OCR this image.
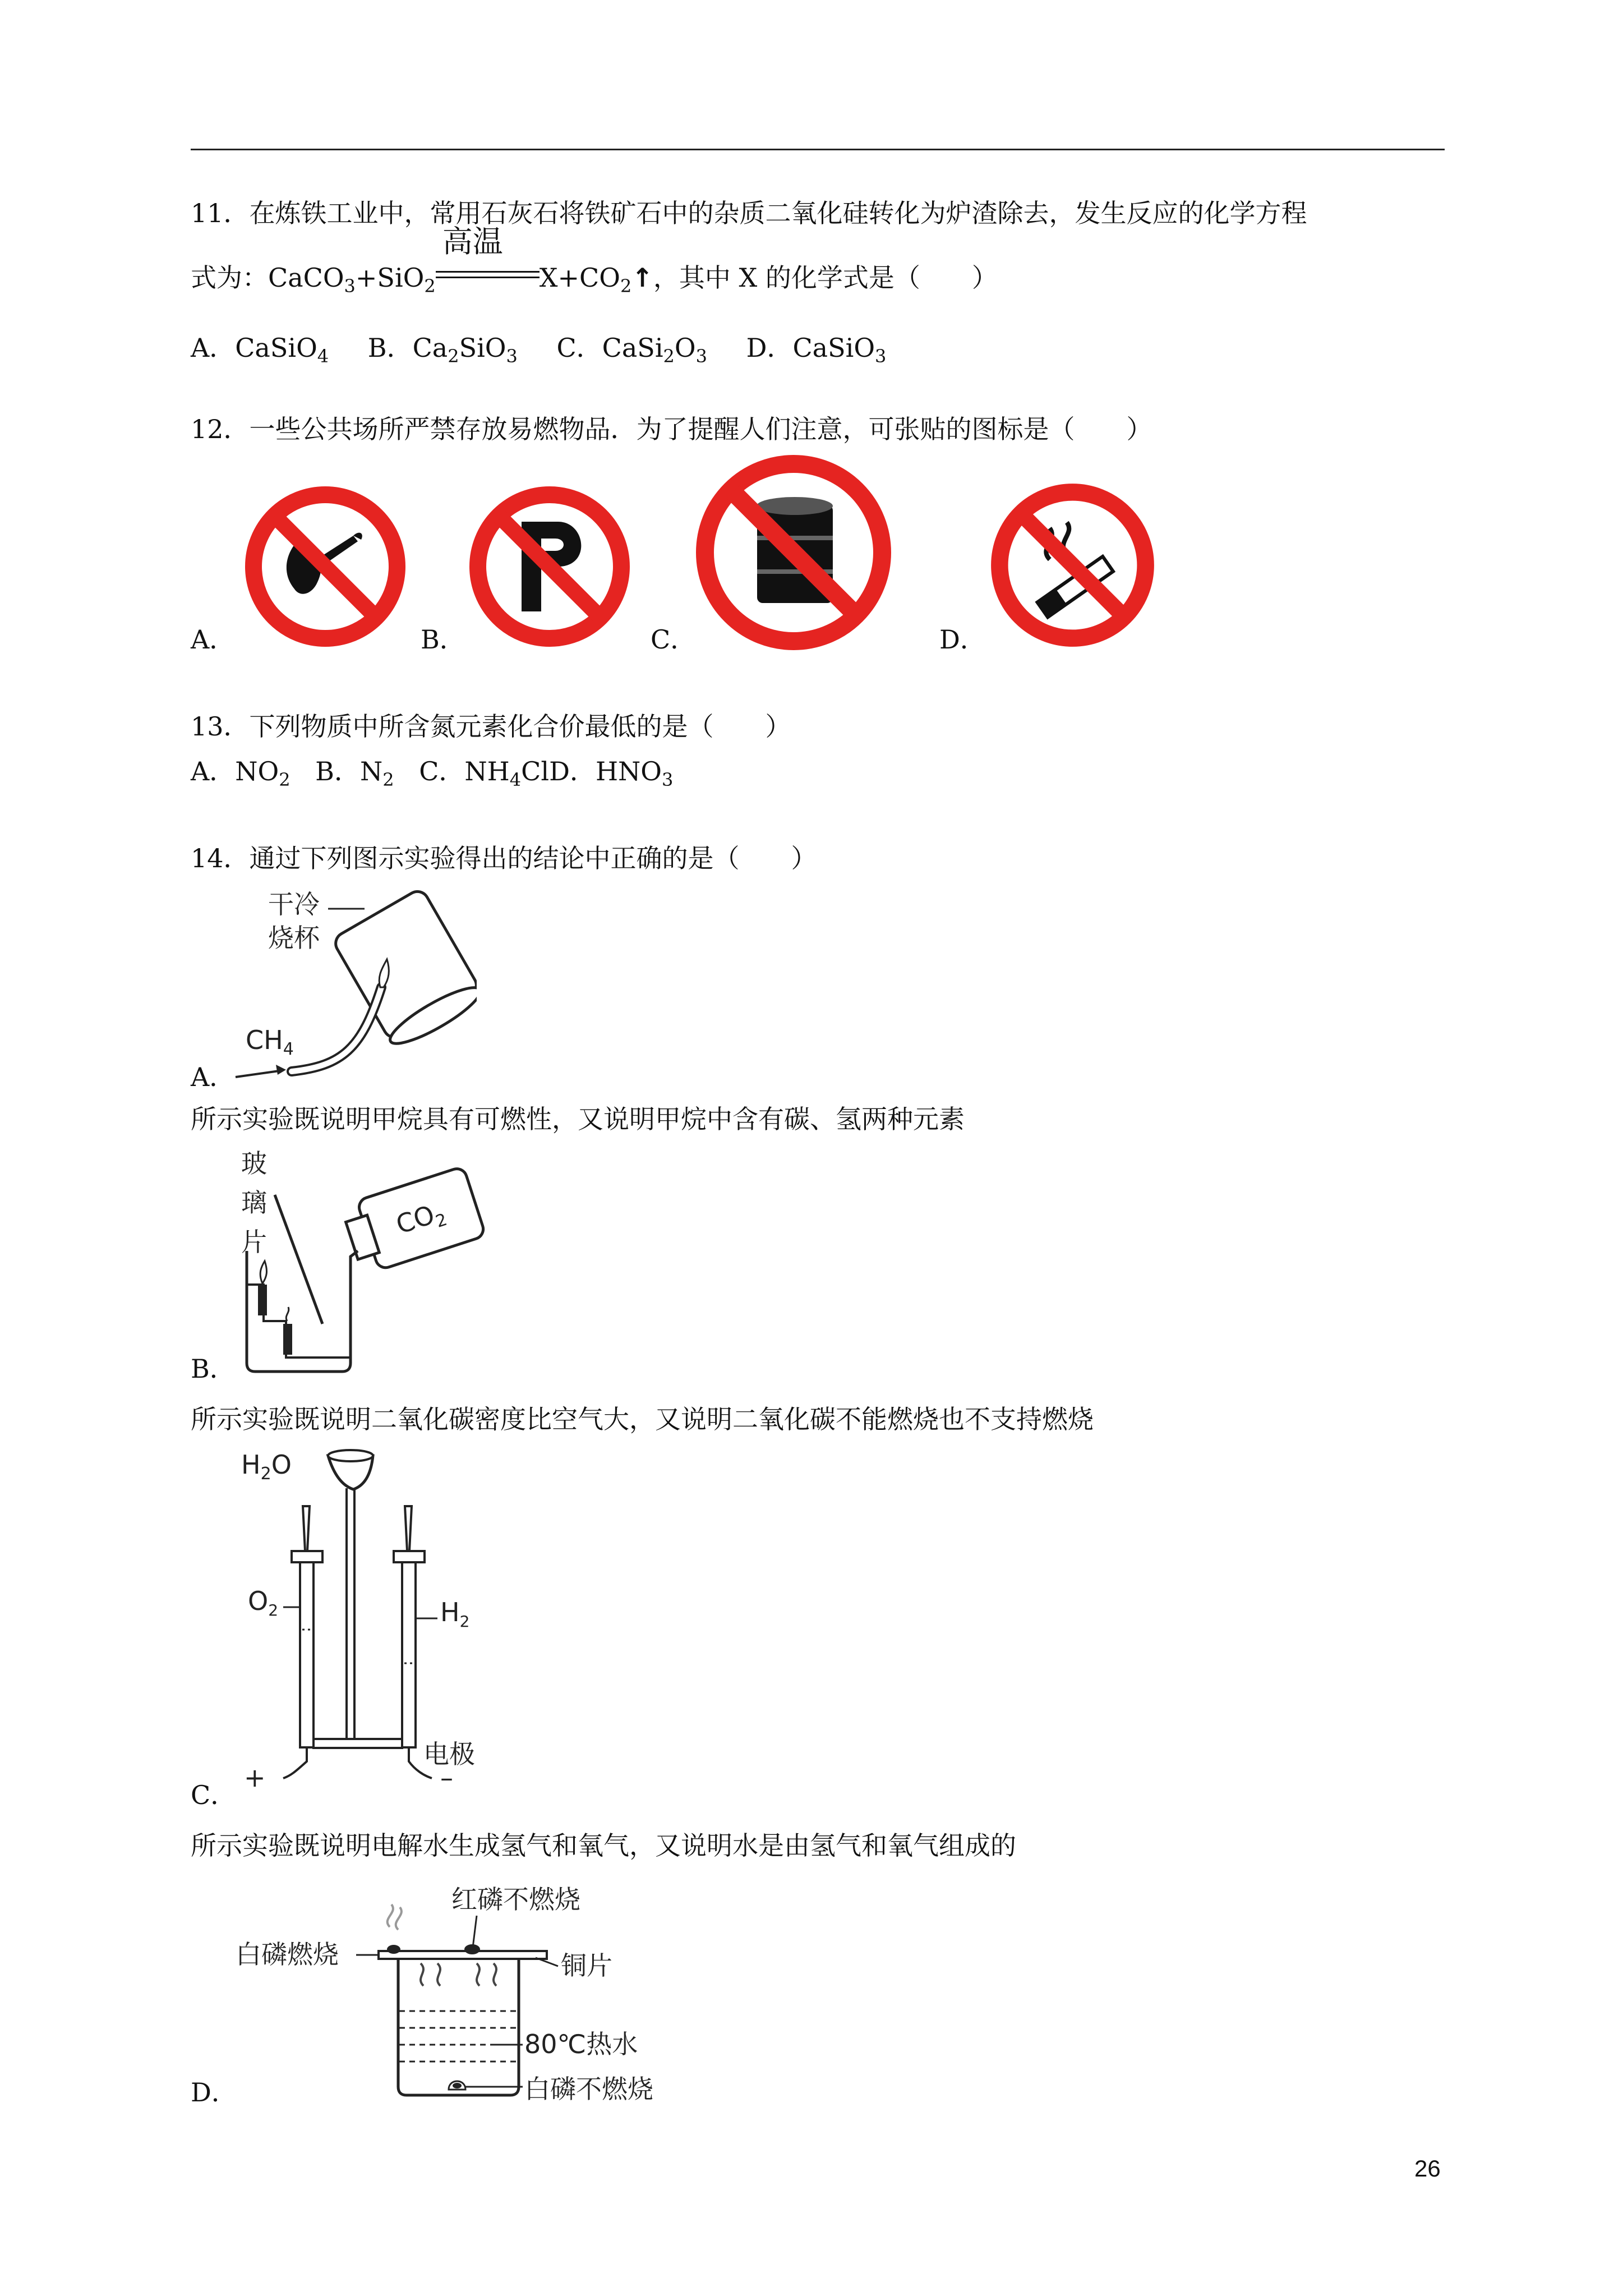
11．在炼铁工业中，常用石灰石将铁矿石中的杂质二氧化硅转化为炉渣除去，发生反应的化学方程
式为：CaCO$_3$+SiO$_2$
高温
$X+CO_2↑$，其中 X 的化学式是（　　）
A．CaSiO$_4$ B．$Ca_2SiO_3$ C．$CaSi_2O_3$ D．CaSiO$_3$
12．一些公共场所严禁存放易燃物品．为了提醒人们注意，可张贴的图标是（　　）
A．	B．	C．	D．
13．下列物质中所含氮元素化合价最低的是（　　）
A．$NO_2$ B．$N_2$ C．$NH_4ClD$．$HNO_3$
14．通过下列图示实验得出的结论中正确的是（　　）
干冷
烧杯
$CH_4$
A．
所示实验既说明甲烷具有可燃性，又说明甲烷中含有碳、氢两种元素
玻
璃
片
$CO_2$
B．
所示实验既说明二氧化碳密度比空气大，又说明二氧化碳不能燃烧也不支持燃烧
$H_2O$
$O_2$	$H_2$
电极
+	–
C．
所示实验既说明电解水生成氢气和氧气，又说明水是由氢气和氧气组成的
红磷不燃烧
白磷燃烧	铜片
80℃热水
白磷不燃烧
D．
26
